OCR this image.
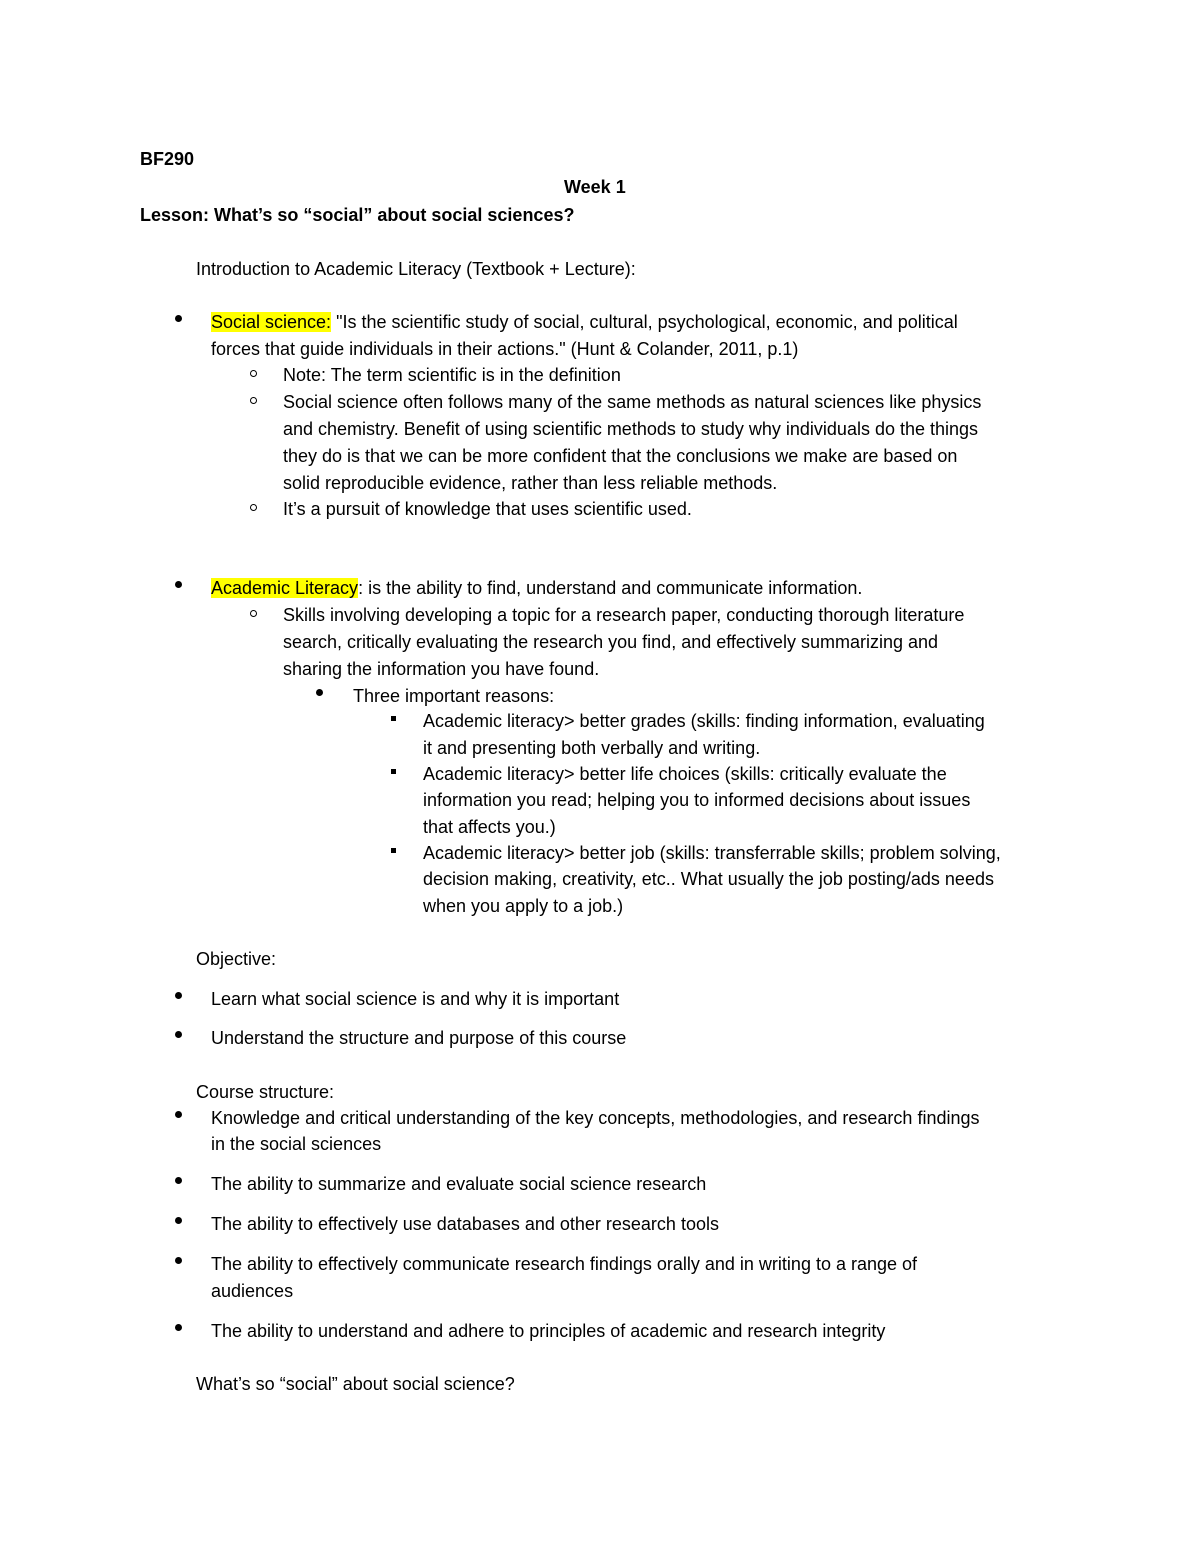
BF290
Week 1
Lesson: What’s so “social” about social sciences?
Introduction to Academic Literacy (Textbook + Lecture):
Social science: "Is the scientific study of social, cultural, psychological, economic, and political
forces that guide individuals in their actions." (Hunt & Colander, 2011, p.1)
Note: The term scientific is in the definition
Social science often follows many of the same methods as natural sciences like physics
and chemistry. Benefit of using scientific methods to study why individuals do the things
they do is that we can be more confident that the conclusions we make are based on
solid reproducible evidence, rather than less reliable methods.
It’s a pursuit of knowledge that uses scientific used.
Academic Literacy: is the ability to find, understand and communicate information.
Skills involving developing a topic for a research paper, conducting thorough literature
search, critically evaluating the research you find, and effectively summarizing and
sharing the information you have found.
Three important reasons:
Academic literacy> better grades (skills: finding information, evaluating
it and presenting both verbally and writing.
Academic literacy> better life choices (skills: critically evaluate the
information you read; helping you to informed decisions about issues
that affects you.)
Academic literacy> better job (skills: transferrable skills; problem solving,
decision making, creativity, etc.. What usually the job posting/ads needs
when you apply to a job.)
Objective:
Learn what social science is and why it is important
Understand the structure and purpose of this course
Course structure:
Knowledge and critical understanding of the key concepts, methodologies, and research findings
in the social sciences
The ability to summarize and evaluate social science research
The ability to effectively use databases and other research tools
The ability to effectively communicate research findings orally and in writing to a range of
audiences
The ability to understand and adhere to principles of academic and research integrity
What’s so “social” about social science?
